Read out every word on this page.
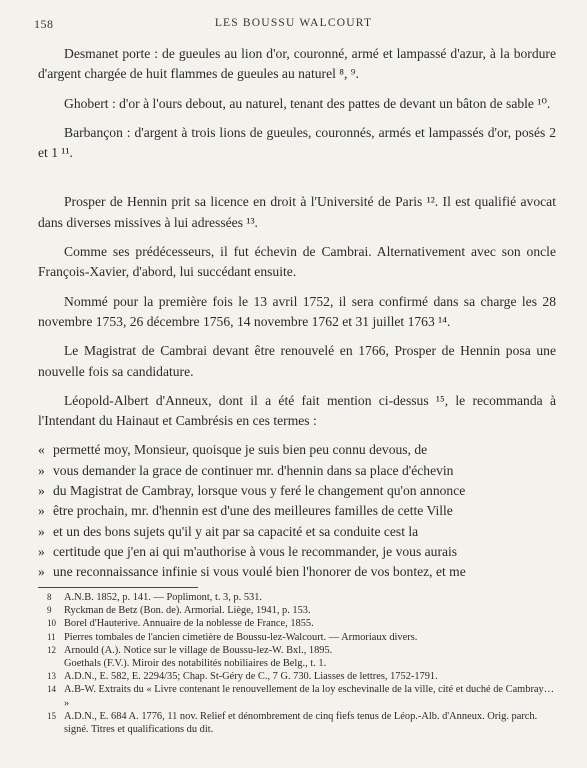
158	LES BOUSSU WALCOURT

Desmanet porte : de gueules au lion d'or, couronné, armé et lampassé d'azur, à la bordure d'argent chargée de huit flammes de gueules au naturel ⁸, ⁹.

Ghobert : d'or à l'ours debout, au naturel, tenant des pattes de devant un bâton de sable ¹⁰.

Barbançon : d'argent à trois lions de gueules, couronnés, armés et lampassés d'or, posés 2 et 1 ¹¹.

Prosper de Hennin prit sa licence en droit à l'Université de Paris ¹². Il est qualifié avocat dans diverses missives à lui adressées ¹³.

Comme ses prédécesseurs, il fut échevin de Cambrai. Alternativement avec son oncle François-Xavier, d'abord, lui succédant ensuite.

Nommé pour la première fois le 13 avril 1752, il sera confirmé dans sa charge les 28 novembre 1753, 26 décembre 1756, 14 novembre 1762 et 31 juillet 1763 ¹⁴.

Le Magistrat de Cambrai devant être renouvelé en 1766, Prosper de Hennin posa une nouvelle fois sa candidature.

Léopold-Albert d'Anneux, dont il a été fait mention ci-dessus ¹⁵, le recommanda à l'Intendant du Hainaut et Cambrésis en ces termes :

« permetté moy, Monsieur, quoisque je suis bien peu connu devous, de
» vous demander la grace de continuer mr. d'hennin dans sa place d'échevin
» du Magistrat de Cambray, lorsque vous y feré le changement qu'on annonce
» être prochain, mr. d'hennin est d'une des meilleures familles de cette Ville
» et un des bons sujets qu'il y ait par sa capacité et sa conduite cest la
» certitude que j'en ai qui m'authorise à vous le recommander, je vous aurais
» une reconnaissance infinie si vous voulé bien l'honorer de vos bontez, et me
8 A.N.B. 1852, p. 141. — Poplimont, t. 3, p. 531.
9 Ryckman de Betz (Bon. de). Armorial. Liège, 1941, p. 153.
10 Borel d'Hauterive. Annuaire de la noblesse de France, 1855.
11 Pierres tombales de l'ancien cimetière de Boussu-lez-Walcourt. — Armoriaux divers.
12 Arnould (A.). Notice sur le village de Boussu-lez-W. Bxl., 1895.
Goethals (F.V.). Miroir des notabilités nobiliaires de Belg., t. 1.
13 A.D.N., E. 582, E. 2294/35; Chap. St-Géry de C., 7 G. 730. Liasses de lettres, 1752-1791.
14 A.B-W. Extraits du « Livre contenant le renouvellement de la loy eschevinalle de la ville, cité et duché de Cambray… »
15 A.D.N., E. 684 A. 1776, 11 nov. Relief et dénombrement de cinq fiefs tenus de Léop.-Alb. d'Anneux. Orig. parch. signé. Titres et qualifications du dit.
